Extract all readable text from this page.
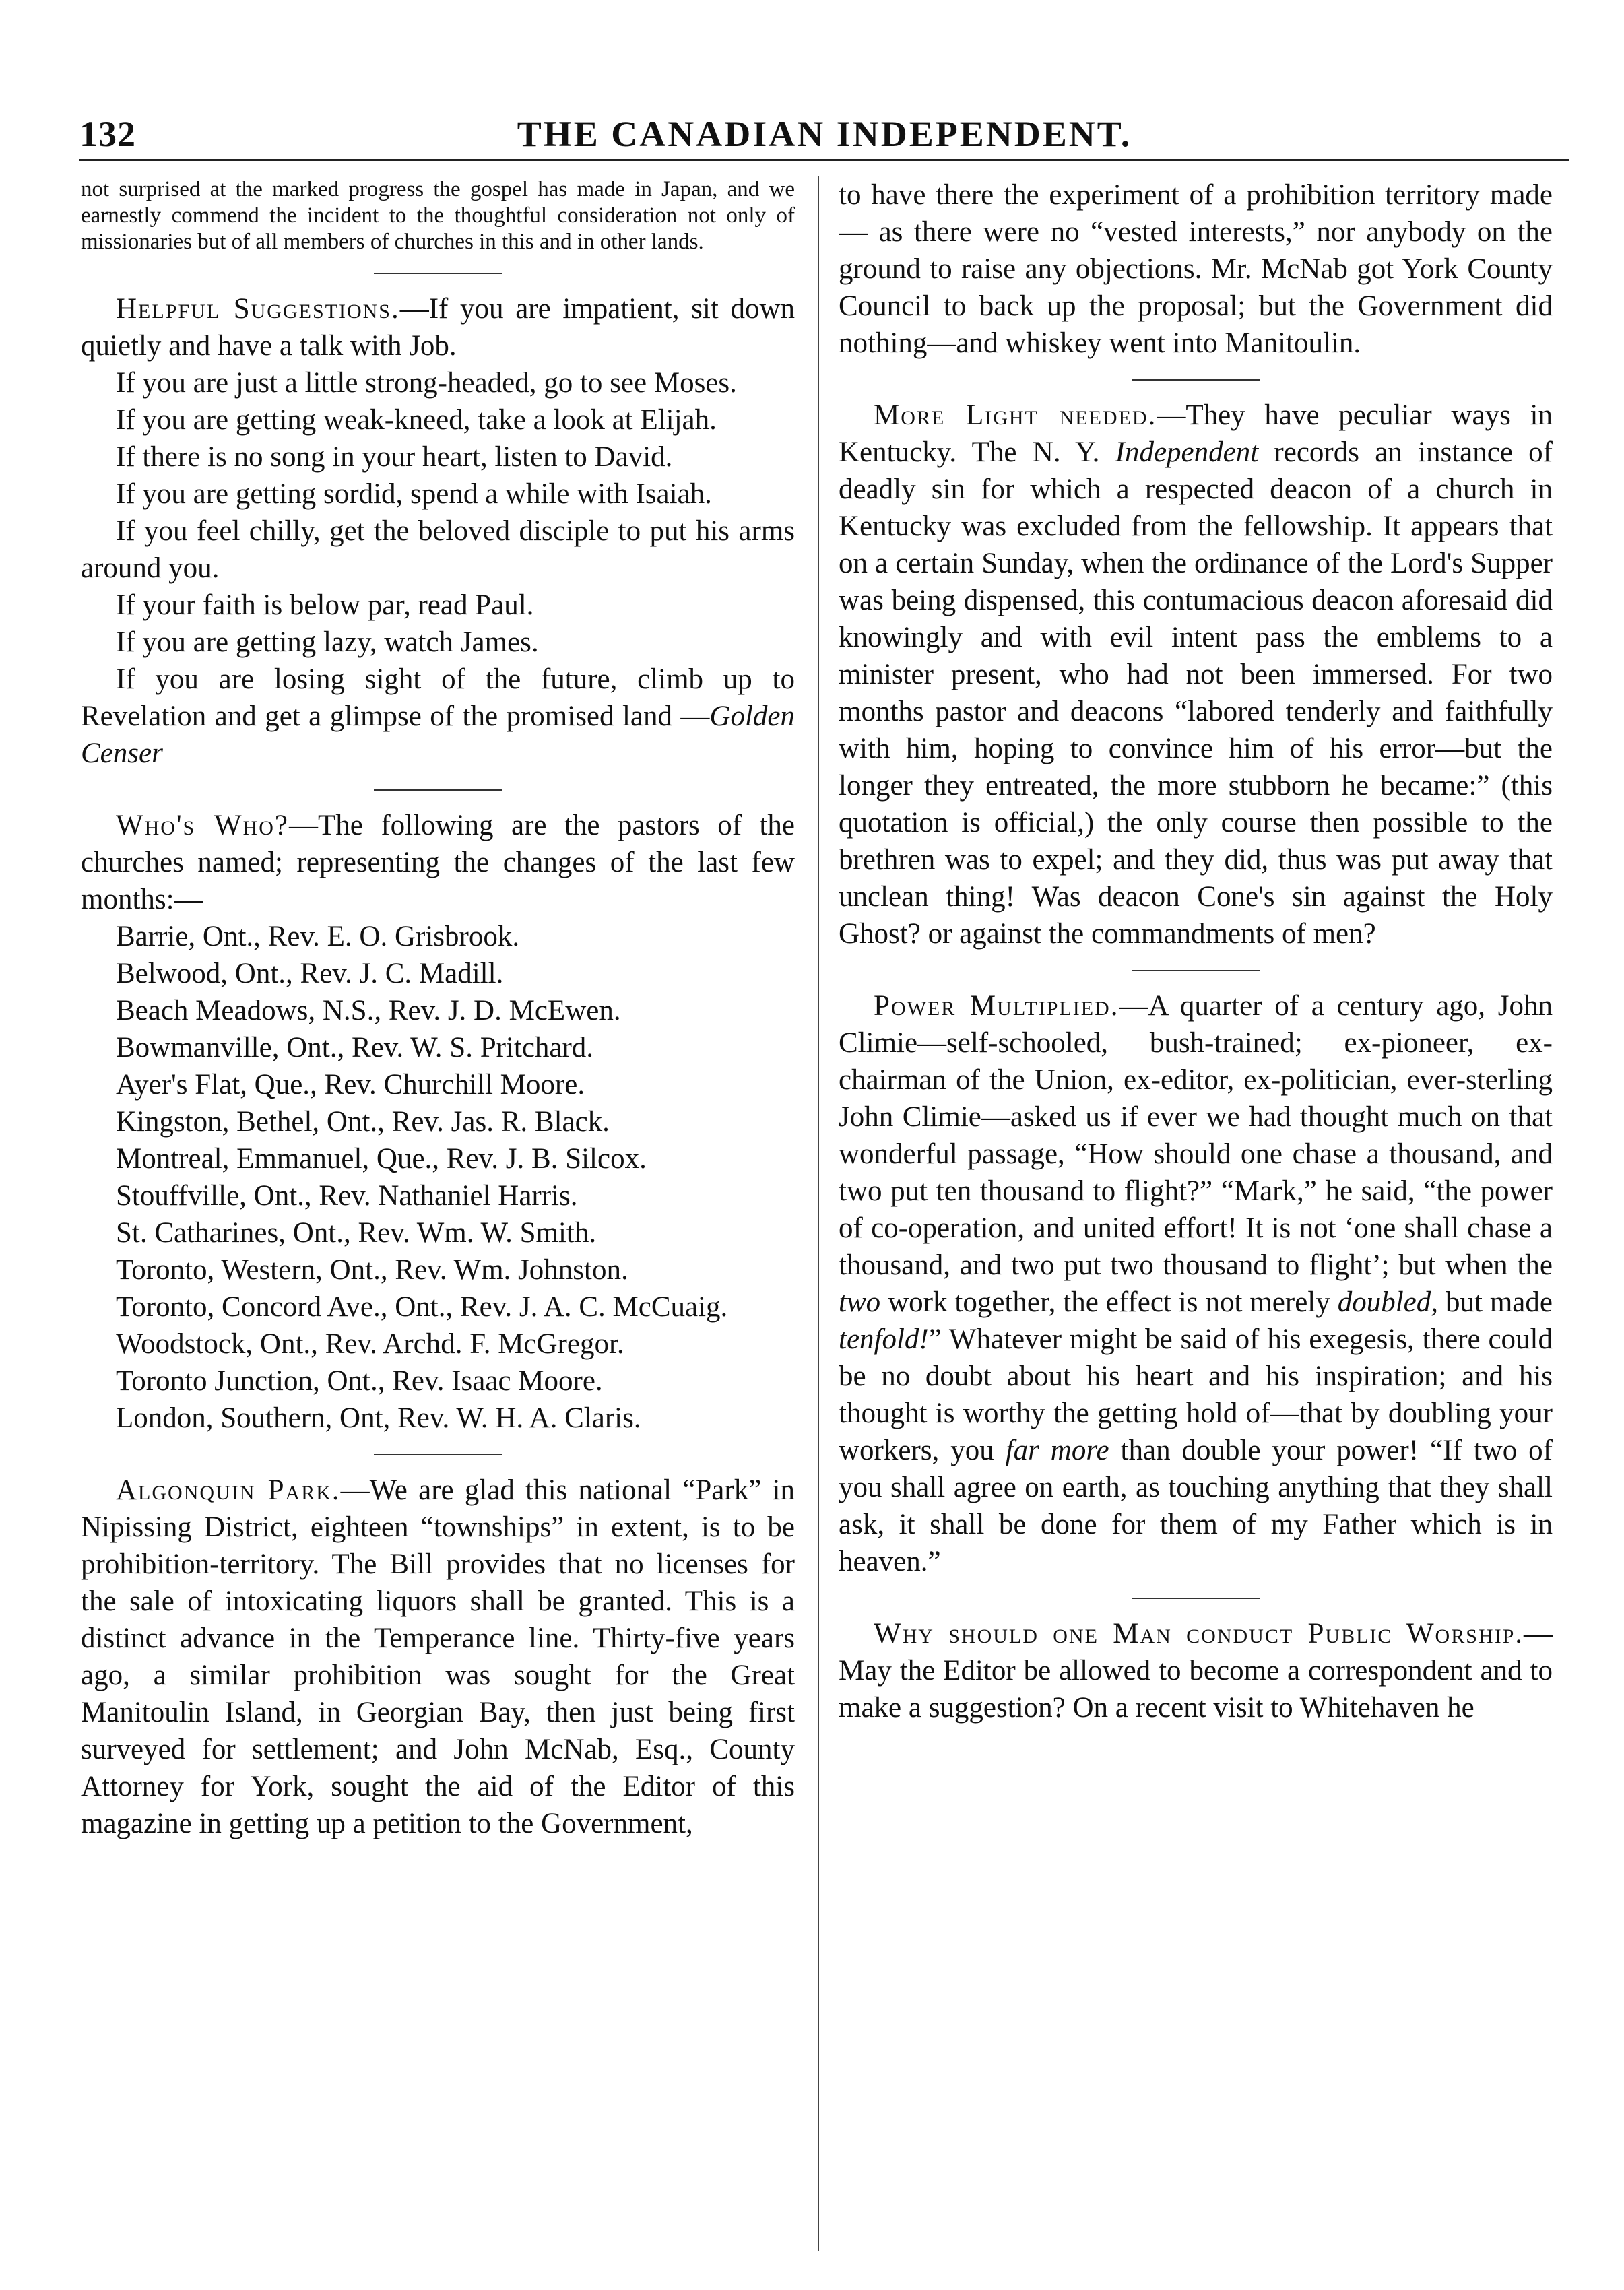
132	THE CANADIAN INDEPENDENT.

not surprised at the marked progress the gospel has made in Japan, and we earnestly commend the incident to the thoughtful consideration not only of missionaries but of all members of churches in this and in other lands.

Helpful Suggestions.—If you are impatient, sit down quietly and have a talk with Job.

If you are just a little strong-headed, go to see Moses.

If you are getting weak-kneed, take a look at Elijah.

If there is no song in your heart, listen to David.

If you are getting sordid, spend a while with Isaiah.

If you feel chilly, get the beloved disciple to put his arms around you.

If your faith is below par, read Paul.

If you are getting lazy, watch James.

If you are losing sight of the future, climb up to Revelation and get a glimpse of the promised land —Golden Censer

Who's Who?—The following are the pastors of the churches named; representing the changes of the last few months:—

Barrie, Ont., Rev. E. O. Grisbrook.

Belwood, Ont., Rev. J. C. Madill.

Beach Meadows, N.S., Rev. J. D. McEwen.

Bowmanville, Ont., Rev. W. S. Pritchard.

Ayer's Flat, Que., Rev. Churchill Moore.

Kingston, Bethel, Ont., Rev. Jas. R. Black.

Montreal, Emmanuel, Que., Rev. J. B. Silcox.

Stouffville, Ont., Rev. Nathaniel Harris.

St. Catharines, Ont., Rev. Wm. W. Smith.

Toronto, Western, Ont., Rev. Wm. Johnston.

Toronto, Concord Ave., Ont., Rev. J. A. C. McCuaig.

Woodstock, Ont., Rev. Archd. F. McGregor.

Toronto Junction, Ont., Rev. Isaac Moore.

London, Southern, Ont, Rev. W. H. A. Claris.

Algonquin Park.—We are glad this national “Park” in Nipissing District, eighteen “townships” in extent, is to be prohibition-territory. The Bill provides that no licenses for the sale of intoxicating liquors shall be granted. This is a distinct advance in the Temperance line. Thirty-five years ago, a similar prohibition was sought for the Great Manitoulin Island, in Georgian Bay, then just being first surveyed for settlement; and John McNab, Esq., County Attorney for York, sought the aid of the Editor of this magazine in getting up a petition to the Government,

to have there the experiment of a prohibition territory made — as there were no “vested interests,” nor anybody on the ground to raise any objections. Mr. McNab got York County Council to back up the proposal; but the Government did nothing—and whiskey went into Manitoulin.

More Light needed.—They have peculiar ways in Kentucky. The N. Y. Independent records an instance of deadly sin for which a respected deacon of a church in Kentucky was excluded from the fellowship. It appears that on a certain Sunday, when the ordinance of the Lord's Supper was being dispensed, this contumacious deacon aforesaid did knowingly and with evil intent pass the emblems to a minister present, who had not been immersed. For two months pastor and deacons “labored tenderly and faithfully with him, hoping to convince him of his error—but the longer they entreated, the more stubborn he became:” (this quotation is official,) the only course then possible to the brethren was to expel; and they did, thus was put away that unclean thing! Was deacon Cone's sin against the Holy Ghost? or against the commandments of men?

Power Multiplied.—A quarter of a century ago, John Climie—self-schooled, bush-trained; ex-pioneer, ex-chairman of the Union, ex-editor, ex-politician, ever-sterling John Climie—asked us if ever we had thought much on that wonderful passage, “How should one chase a thousand, and two put ten thousand to flight?” “Mark,” he said, “the power of co-operation, and united effort! It is not ‘one shall chase a thousand, and two put two thousand to flight’; but when the two work together, the effect is not merely doubled, but made tenfold!” Whatever might be said of his exegesis, there could be no doubt about his heart and his inspiration; and his thought is worthy the getting hold of—that by doubling your workers, you far more than double your power! “If two of you shall agree on earth, as touching anything that they shall ask, it shall be done for them of my Father which is in heaven.”

Why should one Man conduct Public Worship.—May the Editor be allowed to become a correspondent and to make a suggestion? On a recent visit to Whitehaven he
